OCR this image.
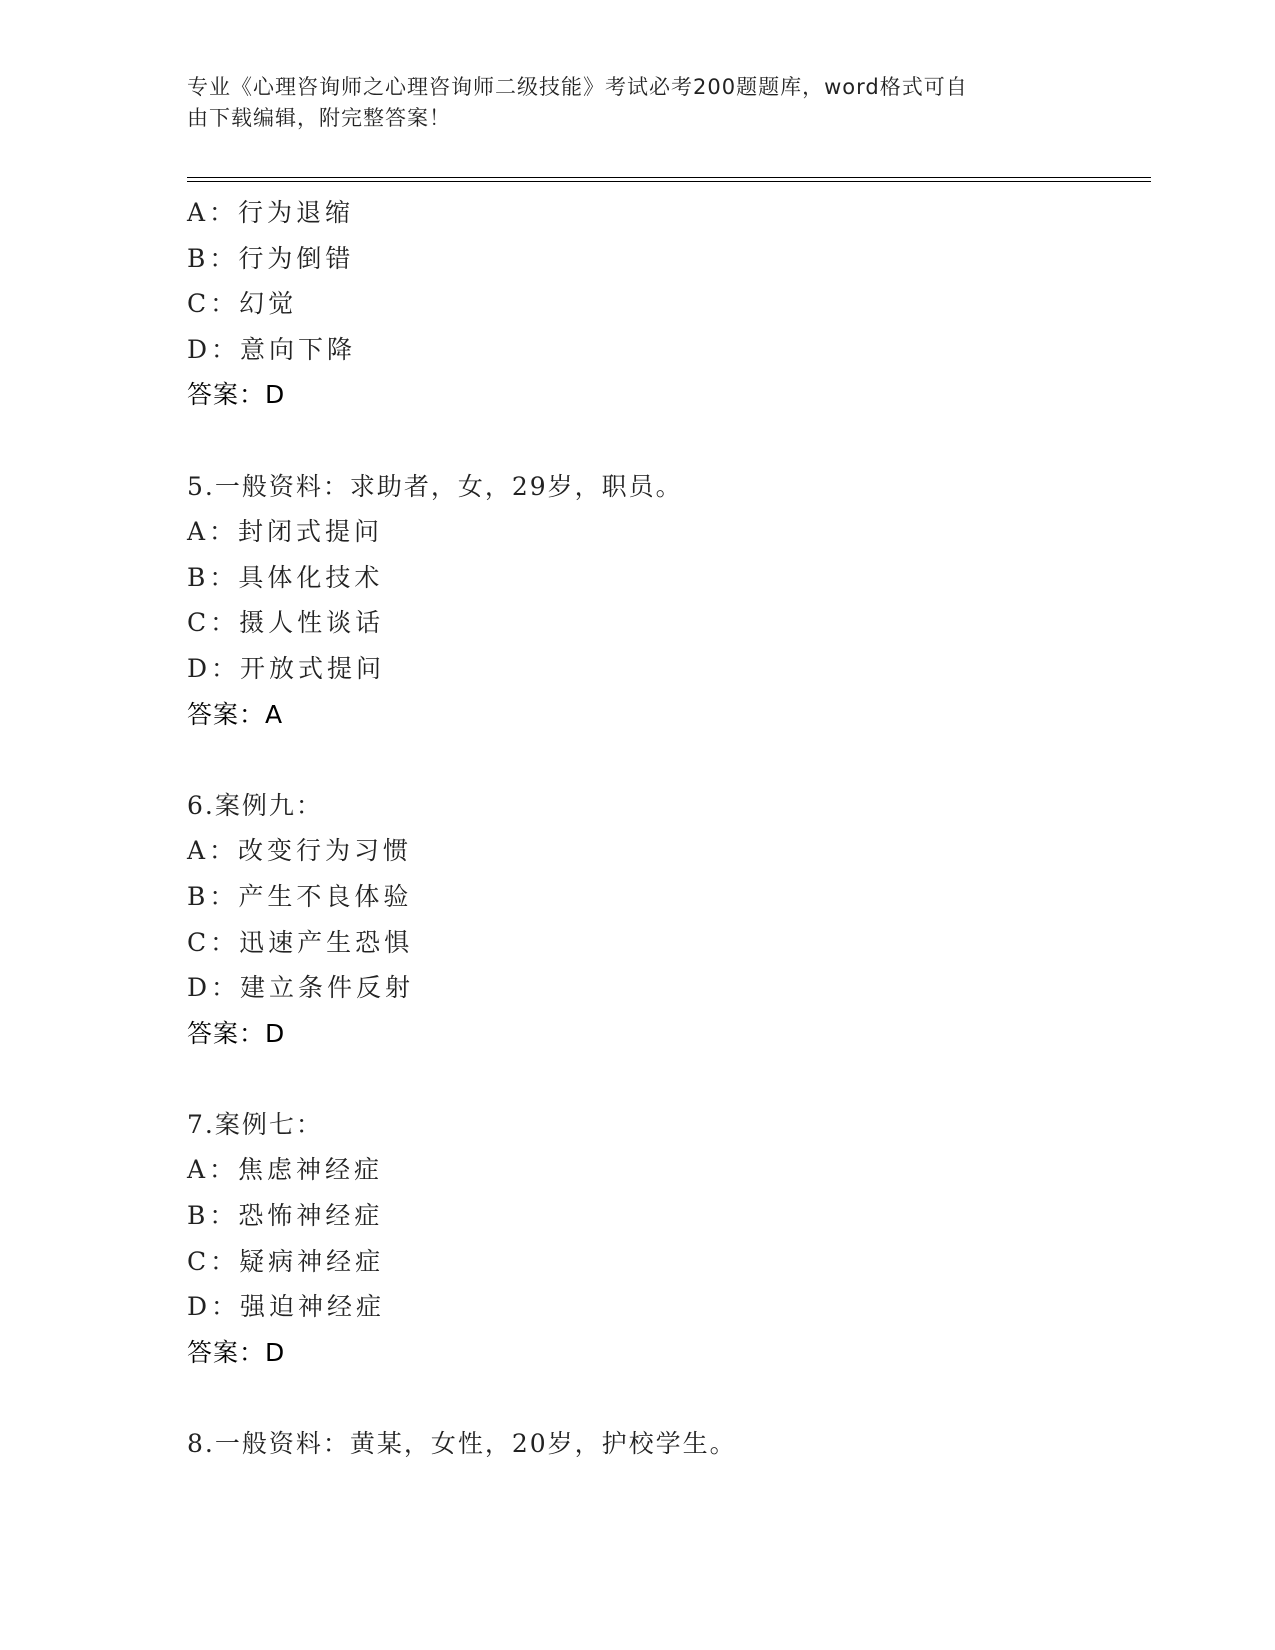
专业《心理咨询师之心理咨询师二级技能》考试必考200题题库，word格式可自
由下载编辑，附完整答案！
A：行为退缩
B：行为倒错
C：幻觉
D：意向下降
答案：D
5.一般资料：求助者，女，29岁，职员。
A：封闭式提问
B：具体化技术
C：摄人性谈话
D：开放式提问
答案：A
6.案例九：
A：改变行为习惯
B：产生不良体验
C：迅速产生恐惧
D：建立条件反射
答案：D
7.案例七：
A：焦虑神经症
B：恐怖神经症
C：疑病神经症
D：强迫神经症
答案：D
8.一般资料：黄某，女性，20岁，护校学生。
